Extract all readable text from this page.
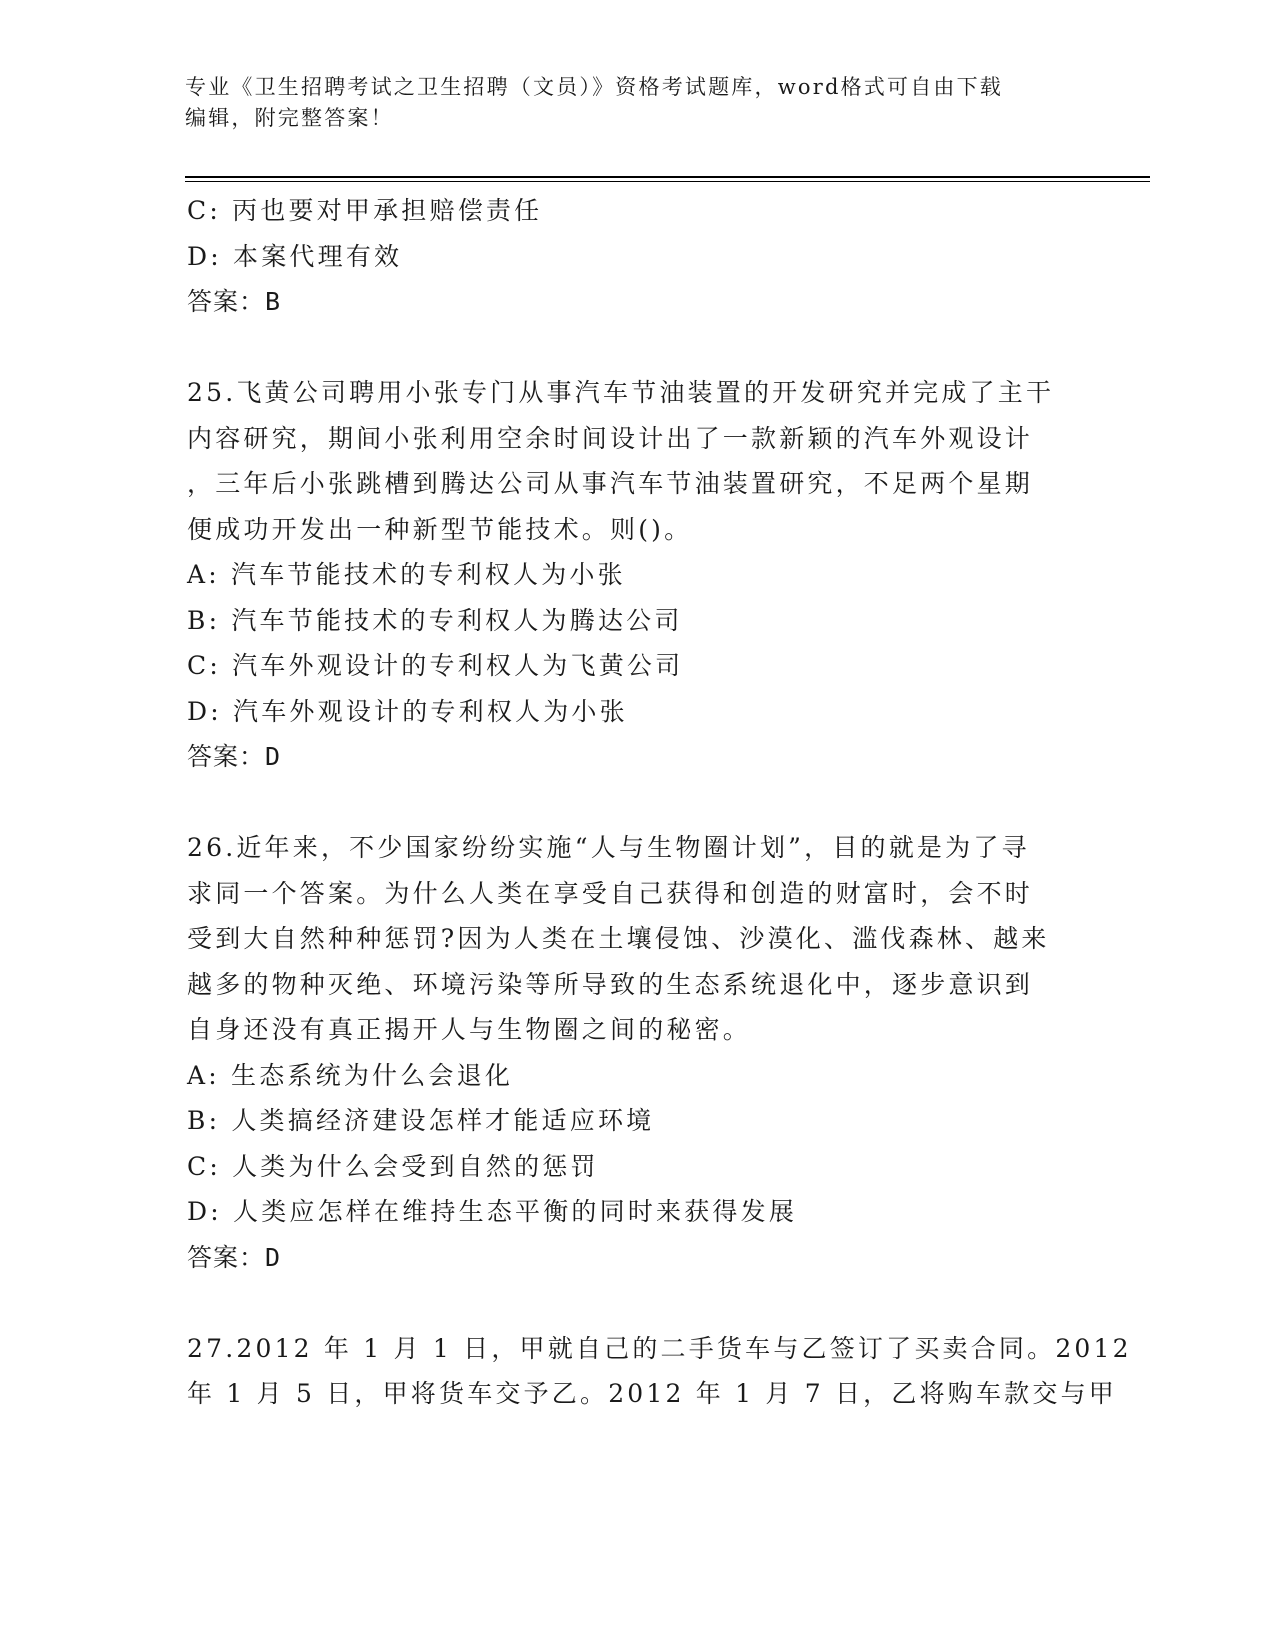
专业《卫生招聘考试之卫生招聘（文员）》资格考试题库，word格式可自由下载
编辑，附完整答案！
C: 丙也要对甲承担赔偿责任
D: 本案代理有效
答案：B
25.飞黄公司聘用小张专门从事汽车节油装置的开发研究并完成了主干
内容研究，期间小张利用空余时间设计出了一款新颖的汽车外观设计
，三年后小张跳槽到腾达公司从事汽车节油装置研究，不足两个星期
便成功开发出一种新型节能技术。则()。
A: 汽车节能技术的专利权人为小张
B: 汽车节能技术的专利权人为腾达公司
C: 汽车外观设计的专利权人为飞黄公司
D: 汽车外观设计的专利权人为小张
答案：D
26.近年来，不少国家纷纷实施“人与生物圈计划”，目的就是为了寻
求同一个答案。为什么人类在享受自己获得和创造的财富时，会不时
受到大自然种种惩罚?因为人类在土壤侵蚀、沙漠化、滥伐森林、越来
越多的物种灭绝、环境污染等所导致的生态系统退化中，逐步意识到
自身还没有真正揭开人与生物圈之间的秘密。
A: 生态系统为什么会退化
B: 人类搞经济建设怎样才能适应环境
C: 人类为什么会受到自然的惩罚
D: 人类应怎样在维持生态平衡的同时来获得发展
答案：D
27.2012 年 1 月 1 日，甲就自己的二手货车与乙签订了买卖合同。2012
年 1 月 5 日，甲将货车交予乙。2012 年 1 月 7 日，乙将购车款交与甲
